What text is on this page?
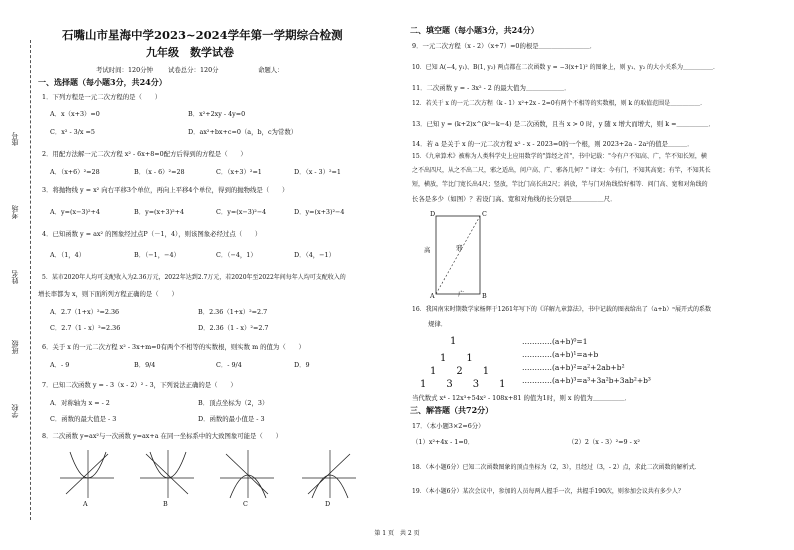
座号
考场
姓名
班级
学校
石嘴山市星海中学2023~2024学年第一学期综合检测
九年级　数学试卷
考试时间：120分钟 试卷总分：120分	命题人：
一、选择题（每小题3分，共24分）
1．下列方程是一元二次方程的是（　　）
A．x（x+3）=0	B．x²+2xy - 4y=0
C．x² - 3/x =5	D．ax²+bx+c=0（a，b，c为常数）
2．用配方法解一元二次方程 x² - 6x+8=0配方后得到的方程是（　　）
A．（x+6）²=28	B．（x - 6）²=28	C．（x+3）²=1	D．（x - 3）²=1
3．将抛物线 y = x² 向右平移3个单位，再向上平移4个单位，得到的抛物线是（　　）
A．y=(x−3)²+4	B．y=(x+3)²+4	C．y=(x−3)²−4	D．y=(x+3)²−4
4．已知函数 y = ax² 的图象经过点P（－1，4），则该图象必经过点（　　）
A．（1，4）	B．（−1，−4）	C．（−4，1）	D．（4，−1）
5．某市2020年人均可支配收入为2.36万元，2022年达到2.7万元，若2020年至2022年间每年人均可支配收入的
增长率都为 x，则下面所列方程正确的是（　　）
A．2.7（1+x）²=2.36	B．2.36（1+x）²=2.7
C．2.7（1 - x）²=2.36	D．2.36（1 - x）²=2.7
6．关于 x 的一元二次方程 x² - 3x+m=0有两个不相等的实数根，则实数 m 的值为（　　）
A．- 9	B．9/4	C．- 9/4	D．9
7．已知二次函数 y = - 3（x - 2）² - 3，下列说法正确的是（　　）
A．对称轴为 x = - 2	B．顶点坐标为（2，3）
C．函数的最大值是 - 3	D．函数的最小值是 - 3
8．二次函数 y=ax²与一次函数 y=ax+a 在同一坐标系中的大致图象可能是（　　）
A	B	C	D
二、填空题（每小题3分，共24分）
9．一元二次方程（x - 2）（x+7）=0的根是＿＿＿＿＿＿＿＿．
10．已知 A(−4, y₁)、B(1, y₂) 两点都在二次函数 y = −3(x+1)² 的图象上，则 y₁、y₂ 的大小关系为＿＿＿＿＿．
11．二次函数 y = - 3x² - 2 的最大值为＿＿＿＿＿＿．
12．若关于 x 的一元二次方程（k - 1）x²+2x - 2=0有两个不相等的实数根，则 k 的取值范围是＿＿＿＿＿．
13．已知 y = (k+2)x^(k²−k−4) 是二次函数，且当 x > 0 时，y 随 x 增大而增大，则 k =＿＿＿＿＿．
14．若 a 是关于 x 的一元二次方程 x² - x - 2023=0的一个根，则 2023+2a - 2a²的值是＿＿＿．
15．《九章算术》被称为人类科学史上应用数学的"算经之首"，书中记载："今有户不知高、广，竿不知长短，横
之不出四尺，从之不出二尺，邪之适出，问户高、广、邪各几何？" 译文：今有门，不知其高宽；有竿，不知其长
短，横放，竿比门宽长出4尺；竖放，竿比门高长出2尺；斜放，竿与门对角线恰好相等．问门高、宽和对角线的
长各是多少（如图）？若设门高、宽和对角线的长分别是＿＿＿＿＿尺．
D	C
A	B
高	邪
广
16．我国南宋时期数学家杨辉于1261年写下的《详解九章算法》，书中记载的图表给出了（a+b）ⁿ展开式的系数
规律．
1
1　　1
1　　2　　1
1　　3　　3　　1
…………(a+b)⁰=1
…………(a+b)¹=a+b
…………(a+b)²=a²+2ab+b²
…………(a+b)³=a³+3a²b+3ab²+b³
当代数式 x⁴ - 12x³+54x² - 108x+81 的值为1时，则 x 的值为＿＿＿＿＿．
三、解答题（共72分）
17．（本小题3×2=6分）
（1）x²+4x - 1=0．	（2）2（x - 3）²=9 - x²
18．（本小题6分）已知二次函数图象的顶点坐标为（2，3），且经过（3，- 2）点，求此二次函数的解析式．
19．（本小题6分）某次会议中，参加的人员每两人握手一次，共握手190次，则参加会议共有多少人？
第 1 页　共 2 页
